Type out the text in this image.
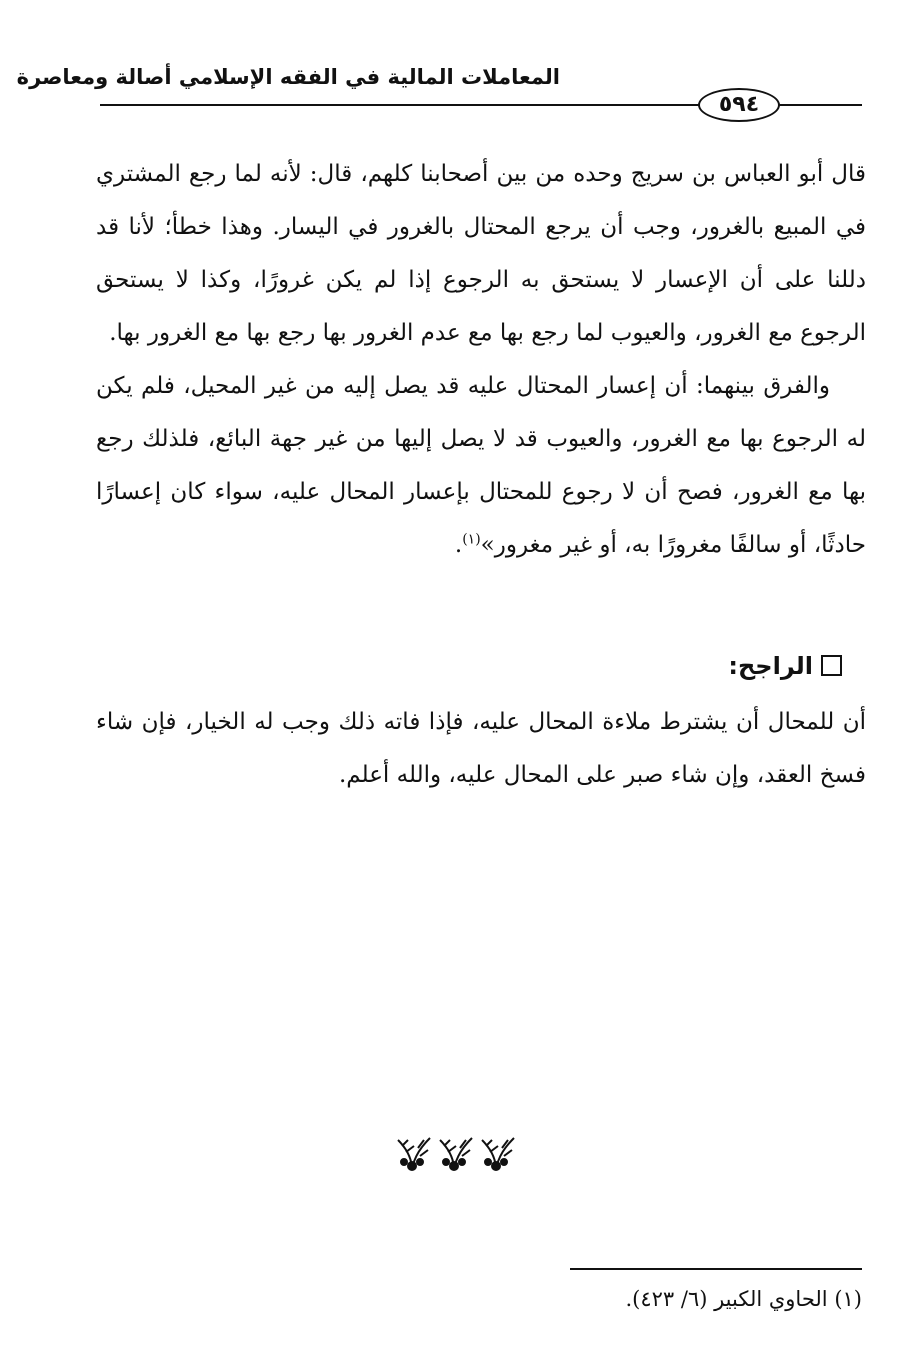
المعاملات المالية في الفقه الإسلامي أصالة ومعاصرة
٥٩٤

قال أبو العباس بن سريج وحده من بين أصحابنا كلهم، قال: لأنه لما رجع المشتري في المبيع بالغرور، وجب أن يرجع المحتال بالغرور في اليسار. وهذا خطأ؛ لأنا قد دللنا على أن الإعسار لا يستحق به الرجوع إذا لم يكن غرورًا، وكذا لا يستحق الرجوع مع الغرور، والعيوب لما رجع بها مع عدم الغرور بها رجع بها مع الغرور بها.

والفرق بينهما: أن إعسار المحتال عليه قد يصل إليه من غير المحيل، فلم يكن له الرجوع بها مع الغرور، والعيوب قد لا يصل إليها من غير جهة البائع، فلذلك رجع بها مع الغرور، فصح أن لا رجوع للمحتال بإعسار المحال عليه، سواء كان إعسارًا حادثًا، أو سالفًا مغرورًا به، أو غير مغرور»$^{(١)}$.

الراجح:

أن للمحال أن يشترط ملاءة المحال عليه، فإذا فاته ذلك وجب له الخيار، فإن شاء فسخ العقد، وإن شاء صبر على المحال عليه، والله أعلم.

(١) الحاوي الكبير (٦/ ٤٢٣).
